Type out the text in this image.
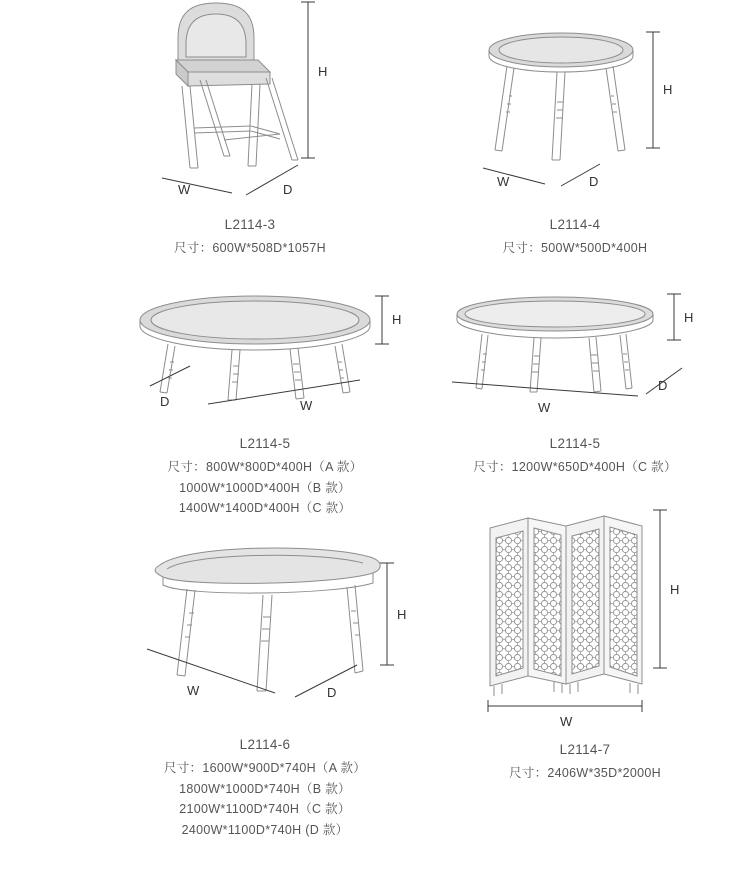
H
W	D
L2114-3
尺寸：600W*508D*1057H
H
W	D
L2114-4
尺寸：500W*500D*400H
H
D	W
L2114-5
尺寸：800W*800D*400H（A 款）
1000W*1000D*400H（B 款）
1400W*1400D*400H（C 款）
H
W
D
L2114-5
尺寸：1200W*650D*400H（C 款）
H
W	D
L2114-6
尺寸：1600W*900D*740H（A 款）
1800W*1000D*740H（B 款）
2100W*1100D*740H（C 款）
2400W*1100D*740H (D 款）
H
W
L2114-7
尺寸：2406W*35D*2000H
